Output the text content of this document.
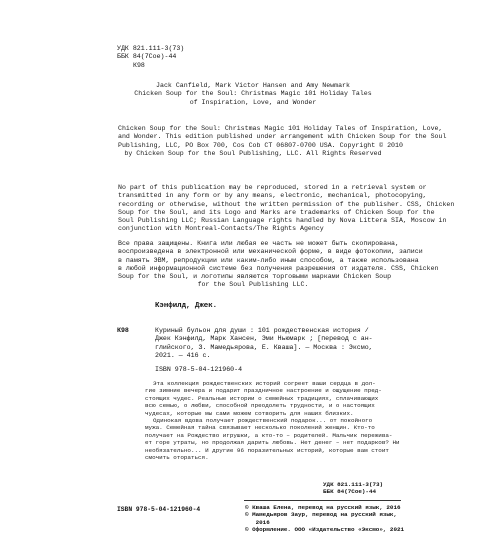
УДК 821.111-3(73)
ББК 84(7Сое)-44
К98
Jack Canfield, Mark Victor Hansen and Amy Newmark
Chicken Soup for the Soul: Christmas Magic 101 Holiday Tales
of Inspiration, Love, and Wonder
Chicken Soup for the Soul: Christmas Magic 101 Holiday Tales of Inspiration, Love,
and Wonder. This edition published under arrangement with Chicken Soup for the Soul
Publishing, LLC, PO Box 700, Cos Cob CT 06807-0700 USA. Copyright © 2010
by Chicken Soup for the Soul Publishing, LLC. All Rights Reserved
No part of this publication may be reproduced, stored in a retrieval system or
transmitted in any form or by any means, electronic, mechanical, photocopying,
recording or otherwise, without the written permission of the publisher. CSS, Chicken
Soup for the Soul, and its Logo and Marks are trademarks of Chicken Soup for the
Soul Publishing LLC; Russian Language rights handled by Nova Littera SIA, Moscow in
conjunction with Montreal-Contacts/The Rights Agency
Все права защищены. Книга или любая ее часть не может быть скопирована,
воспроизведена в электронной или механической форме, в виде фотокопии, записи
в память ЭВМ, репродукции или каким-либо иным способом, а также использована
в любой информационной системе без получения разрешения от издателя. CSS, Chicken
Soup for the Soul, и логотипы являются торговыми марками Chicken Soup
for the Soul Publishing LLC.
Кэнфилд, Джек.
К98	Куриный бульон для души : 101 рождественская история /
Джек Кэнфилд, Марк Хансен, Эми Ньюмарк ; [перевод с ан-
глийского, З. Мамедьярова, Е. Кваша]. — Москва : Эксмо,
2021. — 416 с.
ISBN 978-5-04-121960-4
Эта коллекция рождественских историй согреет ваши сердца в дол-
гие зимние вечера и подарит праздничное настроение и ощущение пред-
стоящих чудес. Реальные истории о семейных традициях, сплачивающих
всю семью, о любви, способной преодолеть трудности, и о настоящих
чудесах, которые мы сами можем сотворить для наших близких.
Одинокая вдова получает рождественский подарок... от покойного
мужа. Семейная тайна связывает несколько поколений женщин. Кто-то
получает на Рождество игрушки, а кто-то – родителей. Мальчик пережива-
ет горе утраты, но продолжая дарить любовь. Нет денег – нет подарков? Ни
необязательно... И другие 96 поразительных историй, которые вам стоит
смочить отораться.
УДК 821.111-3(73)
ББК 84(7Сое)-44
ISBN 978-5-04-121960-4	© Кваша Елена, перевод на русский язык, 2016
© Мамедьяров Заур, перевод на русский язык,
2016
© Оформление. ООО «Издательство «Эксмо», 2021
